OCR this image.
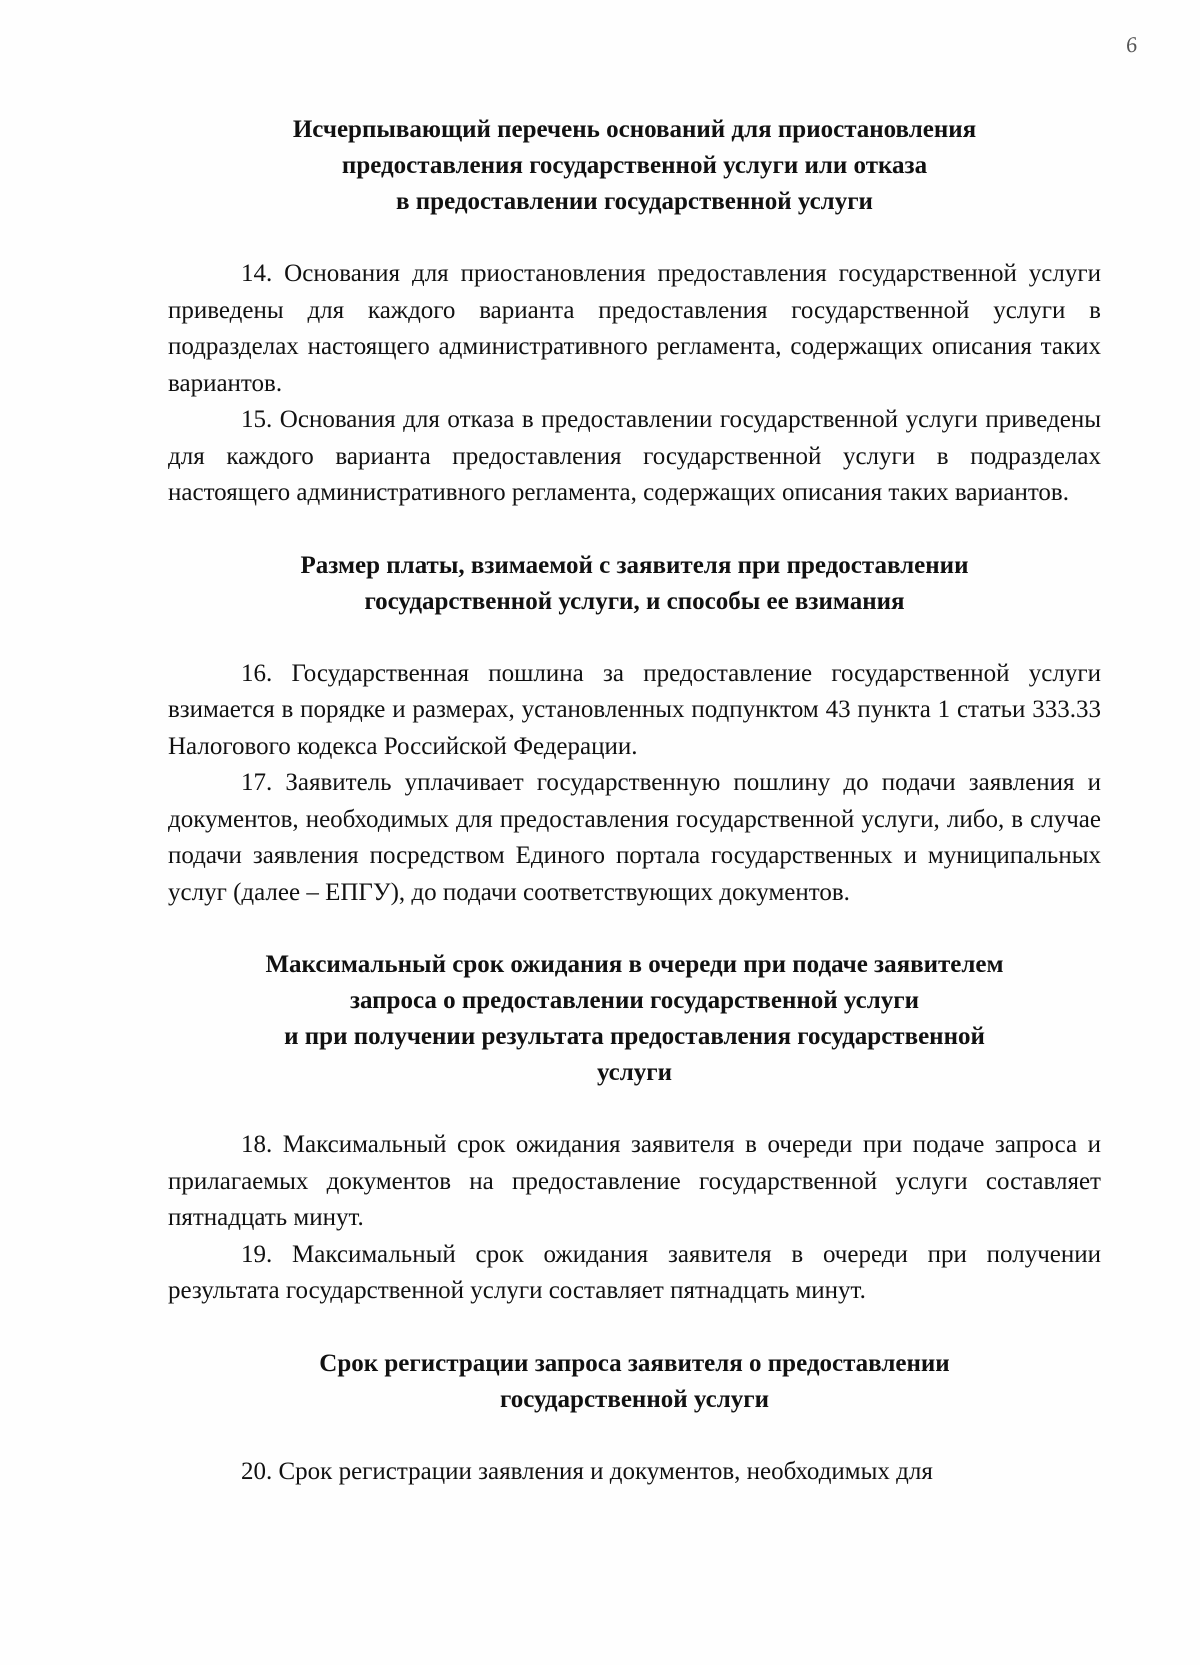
6
Исчерпывающий перечень оснований для приостановления
предоставления государственной услуги или отказа
в предоставлении государственной услуги

14. Основания для приостановления предоставления государственной услуги приведены для каждого варианта предоставления государственной услуги в подразделах настоящего административного регламента, содержащих описания таких вариантов.

15. Основания для отказа в предоставлении государственной услуги приведены для каждого варианта предоставления государственной услуги в подразделах настоящего административного регламента, содержащих описания таких вариантов.

Размер платы, взимаемой с заявителя при предоставлении
государственной услуги, и способы ее взимания

16. Государственная пошлина за предоставление государственной услуги взимается в порядке и размерах, установленных подпунктом 43 пункта 1 статьи 333.33 Налогового кодекса Российской Федерации.

17. Заявитель уплачивает государственную пошлину до подачи заявления и документов, необходимых для предоставления государственной услуги, либо, в случае подачи заявления посредством Единого портала государственных и муниципальных услуг (далее – ЕПГУ), до подачи соответствующих документов.

Максимальный срок ожидания в очереди при подаче заявителем
запроса о предоставлении государственной услуги
и при получении результата предоставления государственной
услуги

18. Максимальный срок ожидания заявителя в очереди при подаче запроса и прилагаемых документов на предоставление государственной услуги составляет пятнадцать минут.

19. Максимальный срок ожидания заявителя в очереди при получении результата государственной услуги составляет пятнадцать минут.

Срок регистрации запроса заявителя о предоставлении
государственной услуги

20. Срок регистрации заявления и документов, необходимых для
